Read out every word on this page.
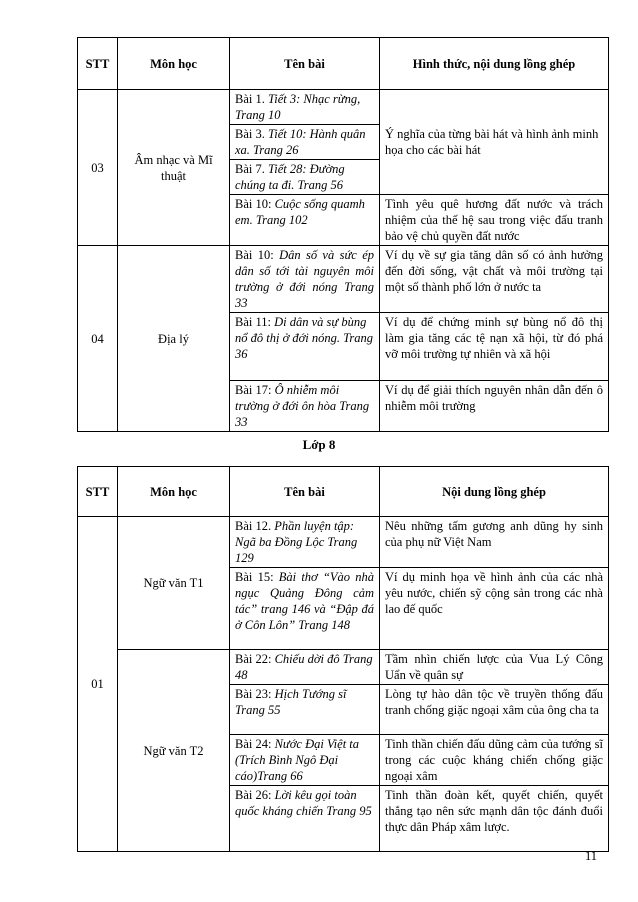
STT	Môn học	Tên bài	Hình thức, nội dung lồng ghép
03	Âm nhạc và Mĩ thuật	Bài 1. Tiết 3: Nhạc rừng, Trang 10	Ý nghĩa của từng bài hát và hình ảnh minh họa cho các bài hát
		Bài 3. Tiết 10: Hành quân xa. Trang 26	
		Bài 7. Tiết 28: Đường chúng ta đi. Trang 56	
		Bài 10: Cuộc sống quamh em. Trang 102	Tình yêu quê hương đất nước và trách nhiệm của thế hệ sau trong việc đấu tranh bảo vệ chủ quyền đất nước
04	Địa lý	Bài 10: Dân số và sức ép dân số tới tài nguyên môi trường ở đới nóng Trang 33	Ví dụ về sự gia tăng dân số có ảnh hưởng đến đời sống, vật chất và môi trường tại một số thành phố lớn ở nước ta
		Bài 11: Di dân và sự bùng nổ đô thị ở đới nóng. Trang 36	Ví dụ để chứng minh sự bùng nổ đô thị làm gia tăng các tệ nạn xã hội, từ đó phá vỡ môi trường tự nhiên và xã hội
		Bài 17: Ô nhiễm môi trường ở đới ôn hòa Trang 33	Ví dụ để giải thích nguyên nhân dẫn đến ô nhiễm môi trường
Lớp 8
STT	Môn học	Tên bài	Nội dung lồng ghép
01	Ngữ văn T1	Bài 12. Phần luyện tập: Ngã ba Đồng Lộc Trang 129	Nêu những tấm gương anh dũng hy sinh của phụ nữ Việt Nam
		Bài 15: Bài thơ “Vào nhà ngục Quảng Đông cảm tác” trang 146 và “Đập đá ở Côn Lôn” Trang 148	Ví dụ minh họa về hình ảnh của các nhà yêu nước, chiến sỹ cộng sản trong các nhà lao đế quốc
	Ngữ văn T2	Bài 22: Chiếu dời đô Trang 48	Tầm nhìn chiến lược của Vua Lý Công Uẩn về quân sự
		Bài 23: Hịch Tướng sĩ Trang 55	Lòng tự hào dân tộc về truyền thống đấu tranh chống giặc ngoại xâm của ông cha ta
		Bài 24: Nước Đại Việt ta (Trích Bình Ngô Đại cáo)Trang 66	Tinh thần chiến đấu dũng cảm của tướng sĩ trong các cuộc kháng chiến chống giặc ngoại xâm
		Bài 26: Lời kêu gọi toàn quốc kháng chiến Trang 95	Tinh thần đoàn kết, quyết chiến, quyết thắng tạo nên sức mạnh dân tộc đánh đuổi thực dân Pháp xâm lược.
11
